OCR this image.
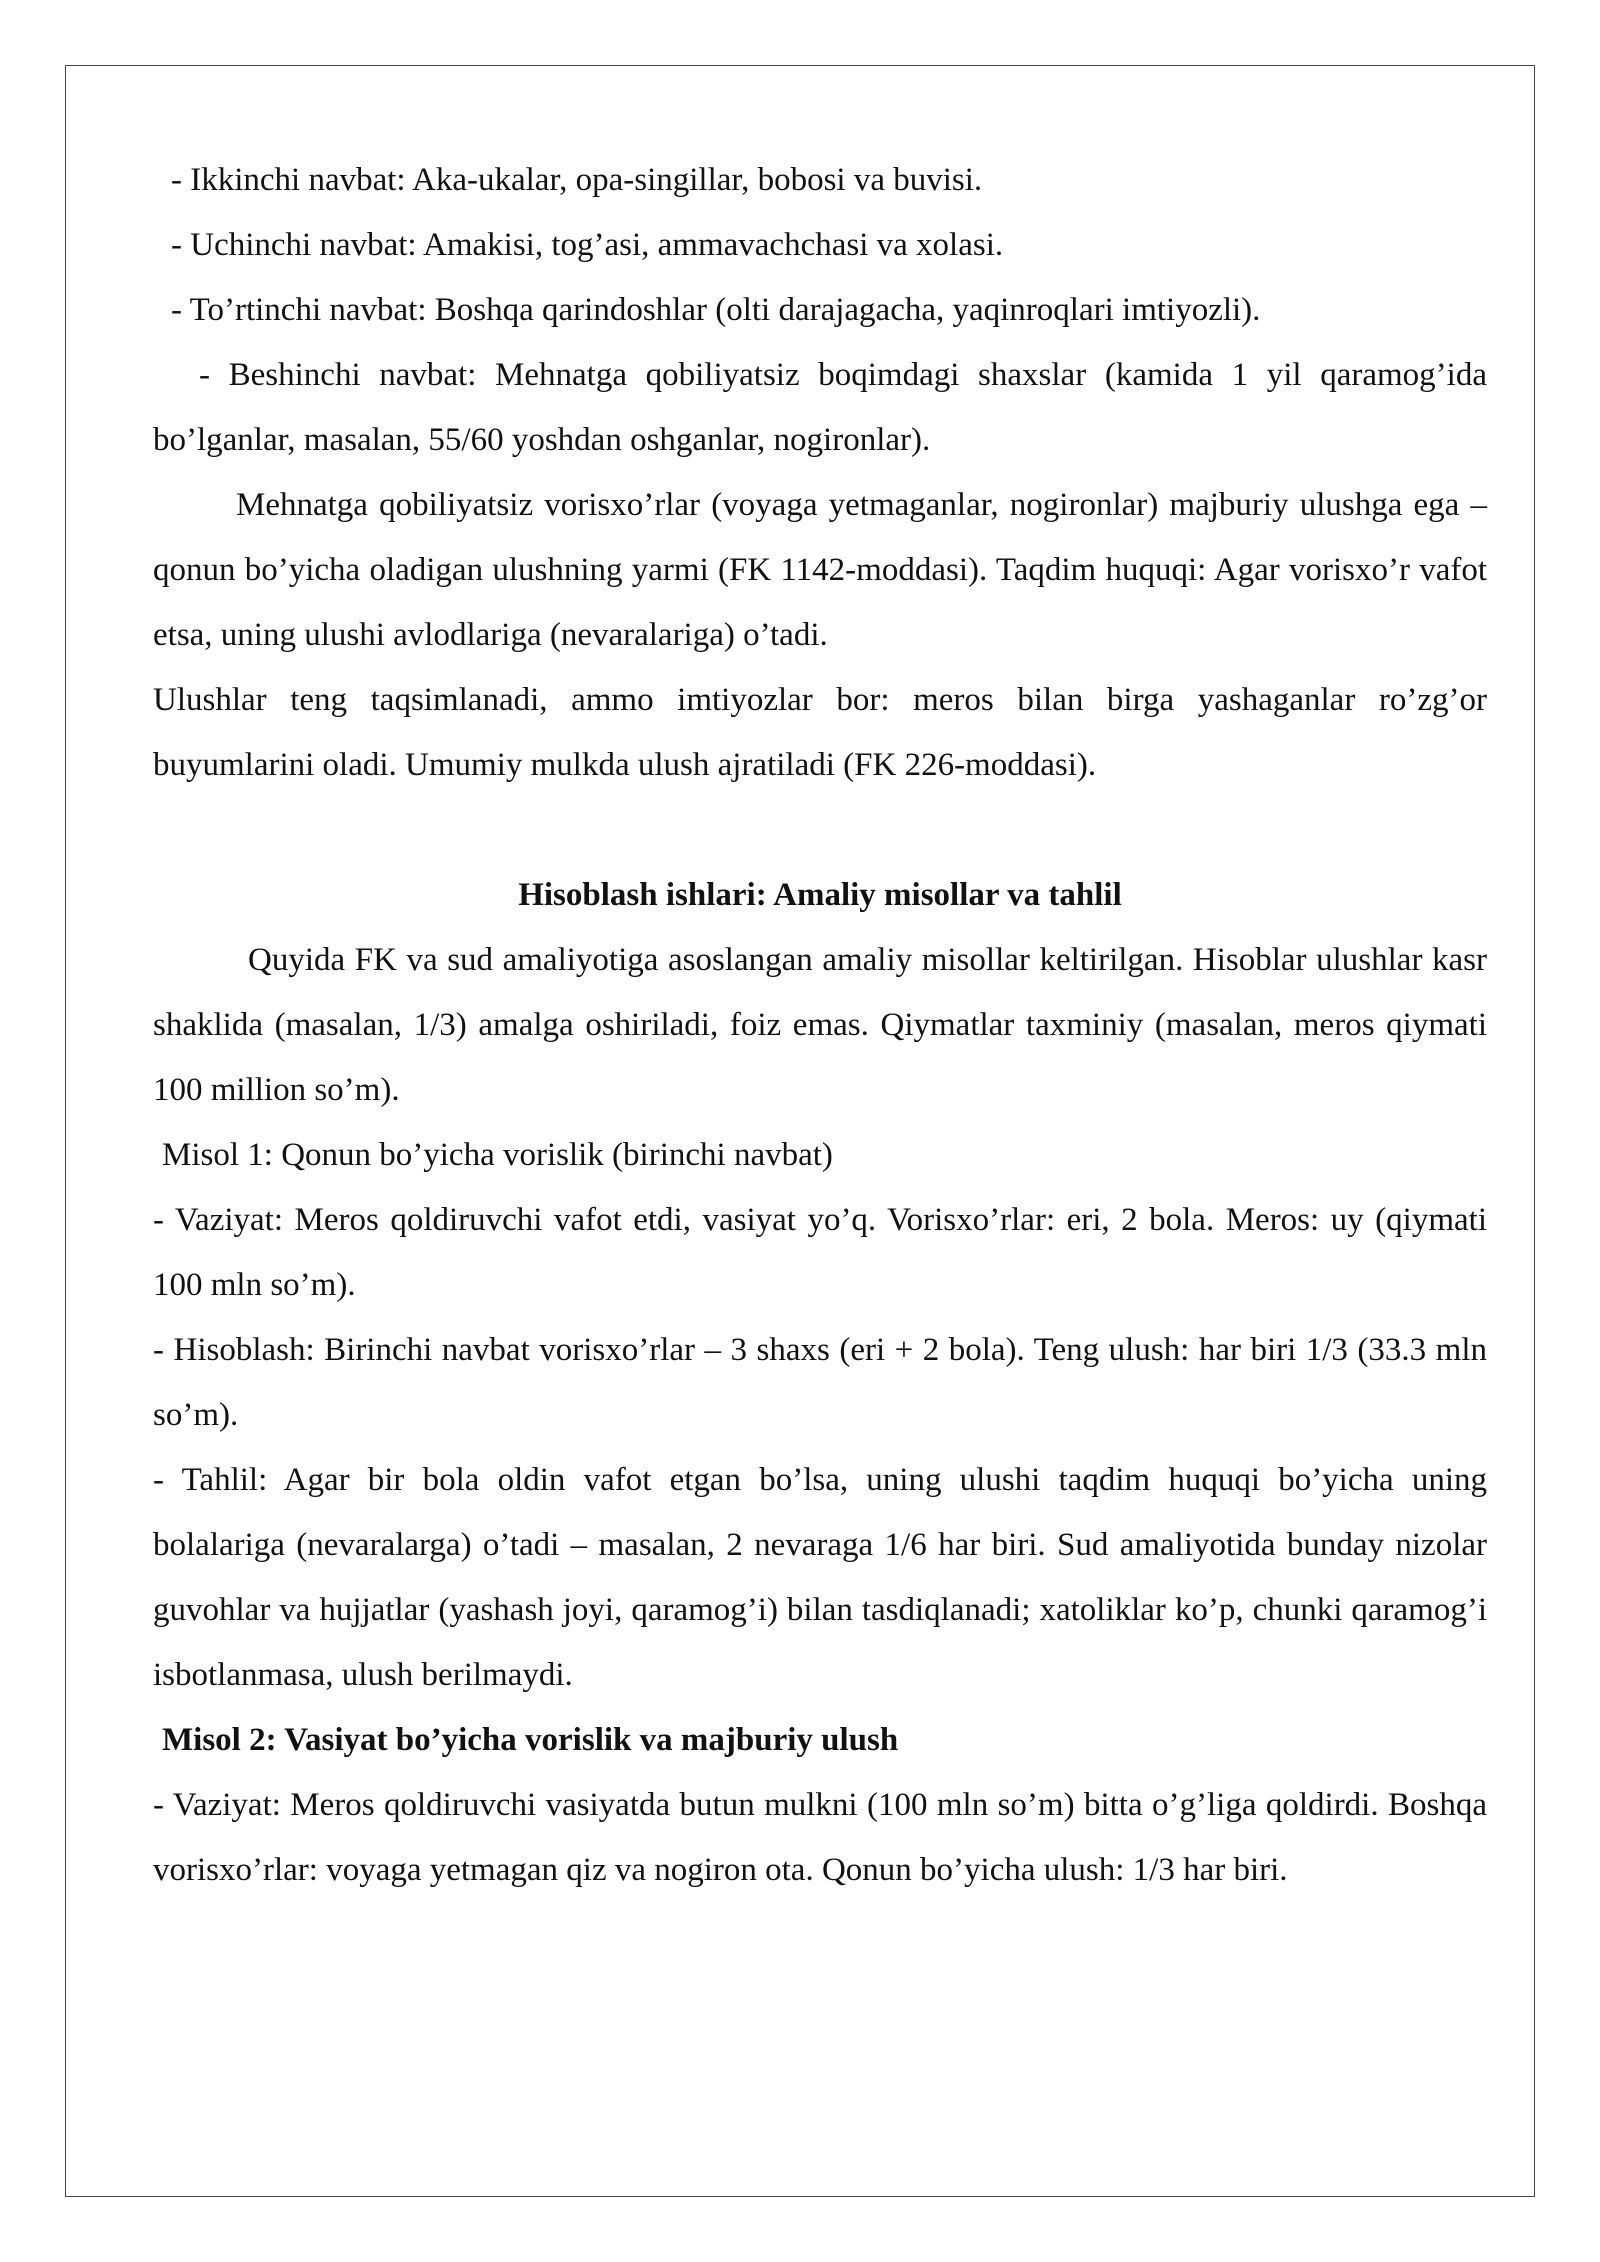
- Ikkinchi navbat: Aka-ukalar, opa-singillar, bobosi va buvisi.

- Uchinchi navbat: Amakisi, tog’asi, ammavachchasi va xolasi.

- To’rtinchi navbat: Boshqa qarindoshlar (olti darajagacha, yaqinroqlari imtiyozli).

- Beshinchi navbat: Mehnatga qobiliyatsiz boqimdagi shaxslar (kamida 1 yil qaramog’ida bo’lganlar, masalan, 55/60 yoshdan oshganlar, nogironlar).

Mehnatga qobiliyatsiz vorisxo’rlar (voyaga yetmaganlar, nogironlar) majburiy ulushga ega – qonun bo’yicha oladigan ulushning yarmi (FK 1142-moddasi). Taqdim huquqi: Agar vorisxo’r vafot etsa, uning ulushi avlodlariga (nevaralariga) o’tadi.

Ulushlar teng taqsimlanadi, ammo imtiyozlar bor: meros bilan birga yashaganlar ro’zg’or buyumlarini oladi. Umumiy mulkda ulush ajratiladi (FK 226-moddasi).

Hisoblash ishlari: Amaliy misollar va tahlil

Quyida FK va sud amaliyotiga asoslangan amaliy misollar keltirilgan. Hisoblar ulushlar kasr shaklida (masalan, 1/3) amalga oshiriladi, foiz emas. Qiymatlar taxminiy (masalan, meros qiymati 100 million so’m).

Misol 1: Qonun bo’yicha vorislik (birinchi navbat)

- Vaziyat: Meros qoldiruvchi vafot etdi, vasiyat yo’q. Vorisxo’rlar: eri, 2 bola. Meros: uy (qiymati 100 mln so’m).

- Hisoblash: Birinchi navbat vorisxo’rlar – 3 shaxs (eri + 2 bola). Teng ulush: har biri 1/3 (33.3 mln so’m).

- Tahlil: Agar bir bola oldin vafot etgan bo’lsa, uning ulushi taqdim huquqi bo’yicha uning bolalariga (nevaralarga) o’tadi – masalan, 2 nevaraga 1/6 har biri. Sud amaliyotida bunday nizolar guvohlar va hujjatlar (yashash joyi, qaramog’i) bilan tasdiqlanadi; xatoliklar ko’p, chunki qaramog’i isbotlanmasa, ulush berilmaydi.

Misol 2: Vasiyat bo’yicha vorislik va majburiy ulush

- Vaziyat: Meros qoldiruvchi vasiyatda butun mulkni (100 mln so’m) bitta o’g’liga qoldirdi. Boshqa vorisxo’rlar: voyaga yetmagan qiz va nogiron ota. Qonun bo’yicha ulush: 1/3 har biri.
